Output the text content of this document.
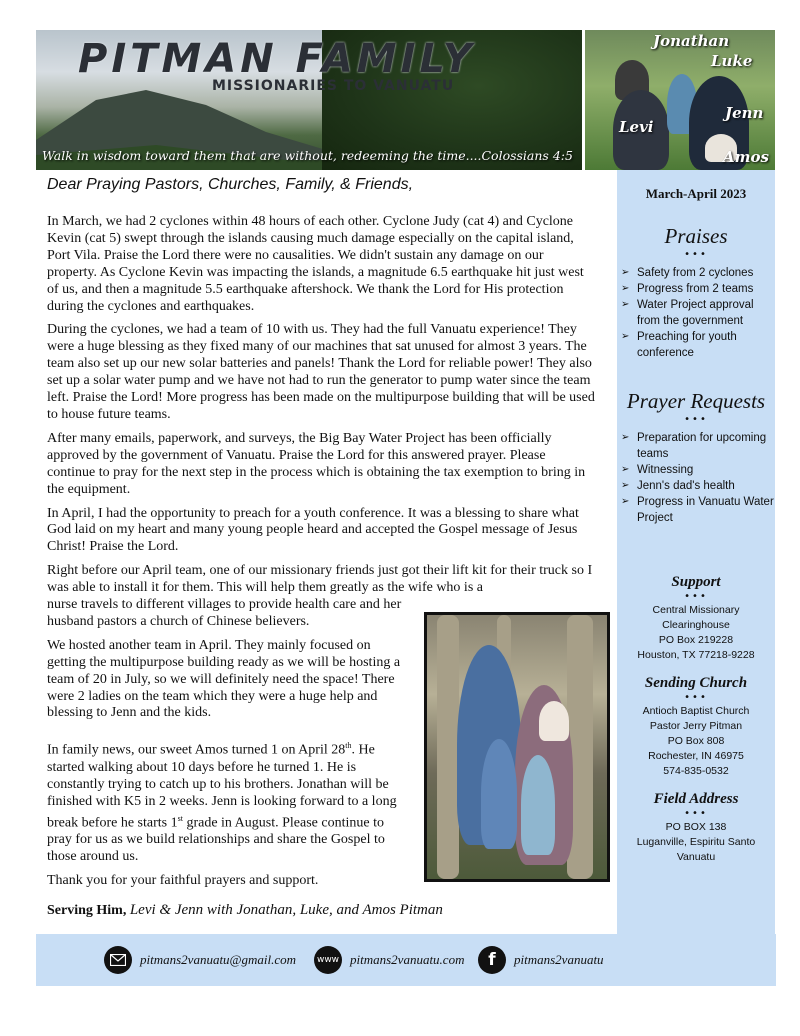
PITMAN FAMILY
MISSIONARIES TO VANUATU
Walk in wisdom toward them that are without, redeeming the time....Colossians 4:5
Jonathan
Luke
Levi
Jenn
Amos
Dear Praying Pastors, Churches, Family, & Friends,

In March, we had 2 cyclones within 48 hours of each other. Cyclone Judy (cat 4) and Cyclone Kevin (cat 5) swept through the islands causing much damage especially on the capital island, Port Vila. Praise the Lord there were no causalities. We didn't sustain any damage on our property. As Cyclone Kevin was impacting the islands, a magnitude 6.5 earthquake hit just west of us, and then a magnitude 5.5 earthquake aftershock. We thank the Lord for His protection during the cyclones and earthquakes.

During the cyclones, we had a team of 10 with us. They had the full Vanuatu experience! They were a huge blessing as they fixed many of our machines that sat unused for almost 3 years. The team also set up our new solar batteries and panels! Thank the Lord for reliable power! They also set up a solar water pump and we have not had to run the generator to pump water since the team left. Praise the Lord! More progress has been made on the multipurpose building that will be used to house future teams.

After many emails, paperwork, and surveys, the Big Bay Water Project has been officially approved by the government of Vanuatu. Praise the Lord for this answered prayer. Please continue to pray for the next step in the process which is obtaining the tax exemption to bring in the equipment.

In April, I had the opportunity to preach for a youth conference. It was a blessing to share what God laid on my heart and many young people heard and accepted the Gospel message of Jesus Christ! Praise the Lord.

Right before our April team, one of our missionary friends just got their lift kit for their truck so I was able to install it for them. This will help them greatly as the wife who is a

nurse travels to different villages to provide health care and her husband pastors a church of Chinese believers.

We hosted another team in April. They mainly focused on getting the multipurpose building ready as we will be hosting a team of 20 in July, so we will definitely need the space! There were 2 ladies on the team which they were a huge help and blessing to Jenn and the kids.

In family news, our sweet Amos turned 1 on April 28th. He started walking about 10 days before he turned 1. He is constantly trying to catch up to his brothers. Jonathan will be finished with K5 in 2 weeks. Jenn is looking forward to a long break before he starts 1st grade in August. Please continue to pray for us as we build relationships and share the Gospel to those around us.

Thank you for your faithful prayers and support.

Serving Him, Levi & Jenn with Jonathan, Luke, and Amos Pitman
March-April 2023
Praises
•••
➢ Safety from 2 cyclones
➢ Progress from 2 teams
➢ Water Project approval from the government
➢ Preaching for youth conference
Prayer Requests
•••
➢ Preparation for upcoming teams
➢ Witnessing
➢ Jenn's dad's health
➢ Progress in Vanuatu Water Project
Support
•••
Central Missionary
Clearinghouse
PO Box 219228
Houston, TX 77218-9228
Sending Church
•••
Antioch Baptist Church
Pastor Jerry Pitman
PO Box 808
Rochester, IN 46975
574-835-0532
Field Address
•••
PO BOX 138
Luganville, Espiritu Santo
Vanuatu
pitmans2vanuatu@gmail.com	www pitmans2vanuatu.com	f	pitmans2vanuatu
